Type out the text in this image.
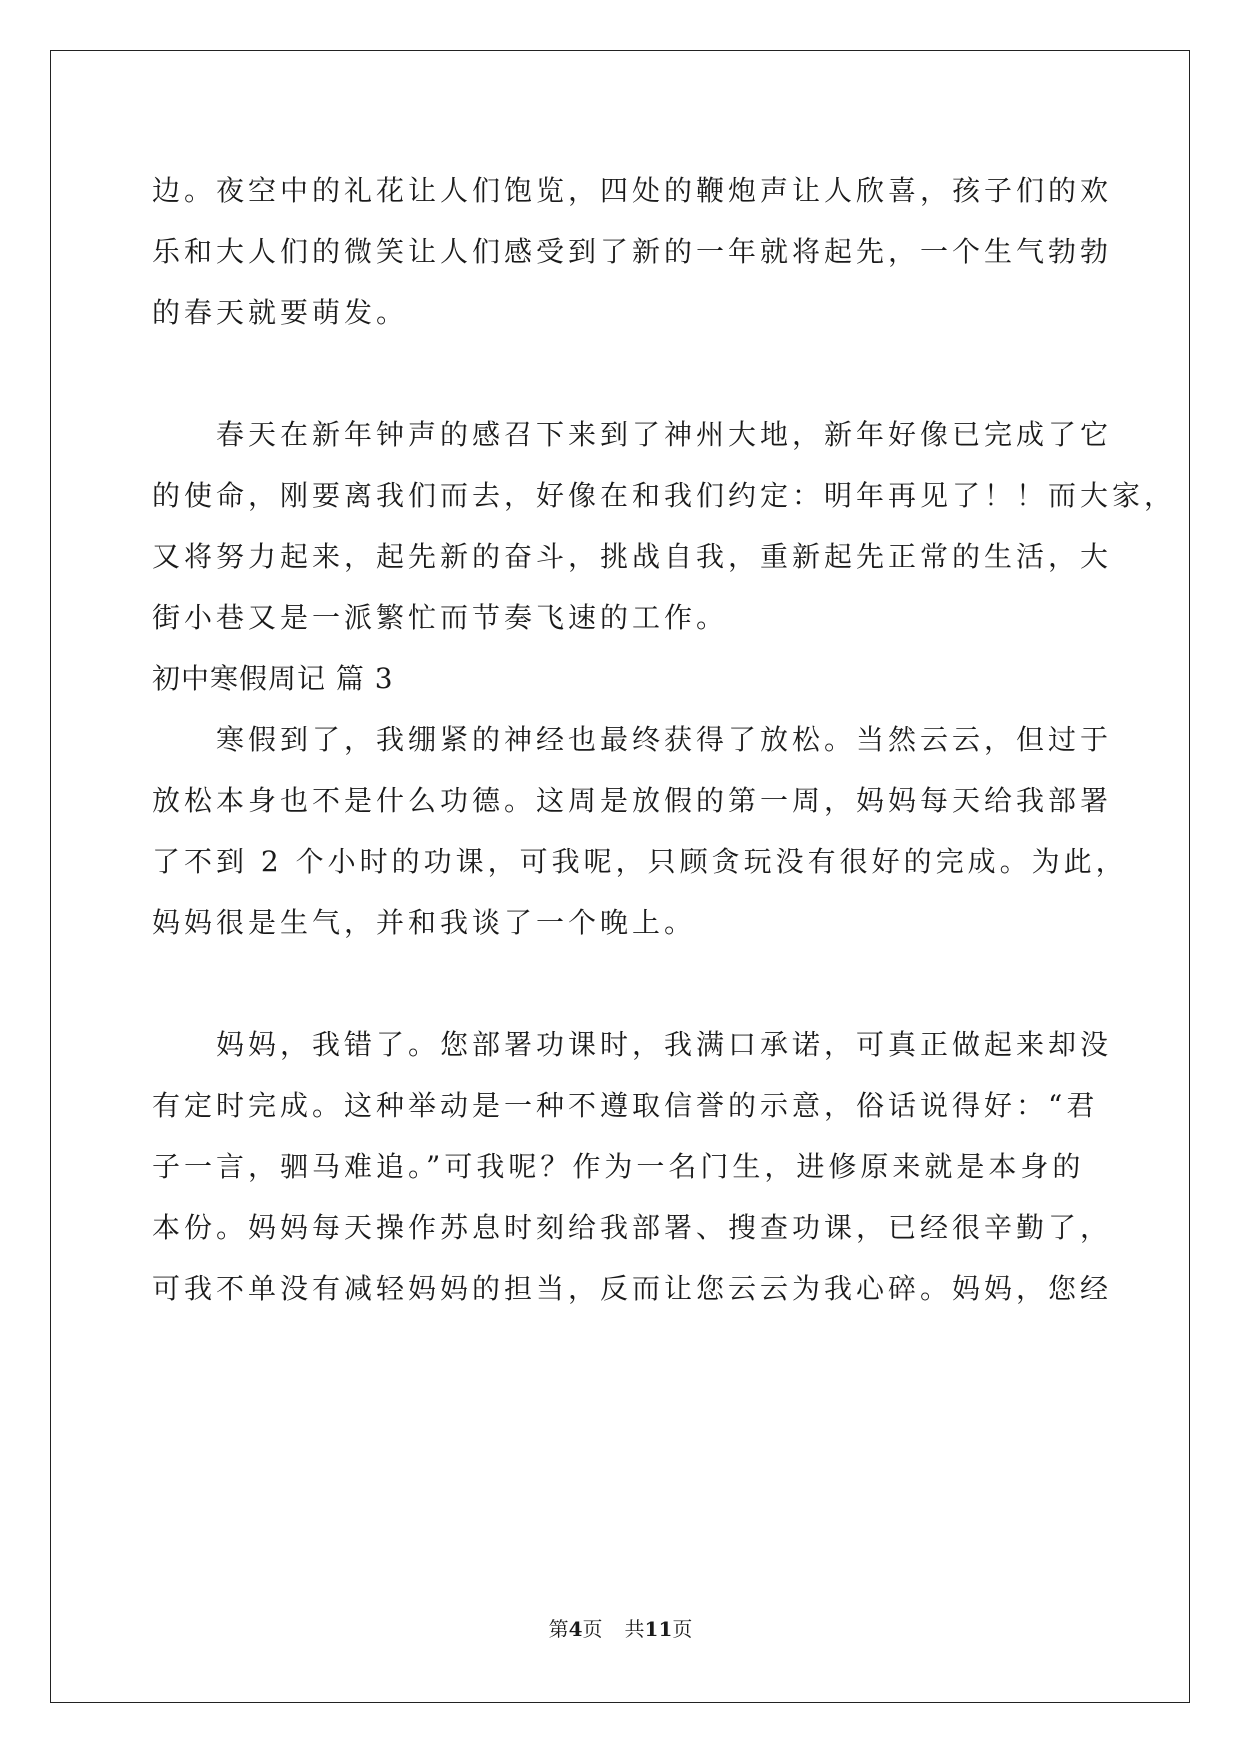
边。夜空中的礼花让人们饱览，四处的鞭炮声让人欣喜，孩子们的欢
乐和大人们的微笑让人们感受到了新的一年就将起先，一个生气勃勃
的春天就要萌发。
春天在新年钟声的感召下来到了神州大地，新年好像已完成了它
的使命，刚要离我们而去，好像在和我们约定：明年再见了！！而大家，
又将努力起来，起先新的奋斗，挑战自我，重新起先正常的生活，大
街小巷又是一派繁忙而节奏飞速的工作。
初中寒假周记 篇 3
寒假到了，我绷紧的神经也最终获得了放松。当然云云，但过于
放松本身也不是什么功德。这周是放假的第一周，妈妈每天给我部署
了不到 2 个小时的功课，可我呢，只顾贪玩没有很好的完成。为此，
妈妈很是生气，并和我谈了一个晚上。
妈妈，我错了。您部署功课时，我满口承诺，可真正做起来却没
有定时完成。这种举动是一种不遵取信誉的示意，俗话说得好：“君
子一言，驷马难追。”可我呢？作为一名门生，进修原来就是本身的
本份。妈妈每天操作苏息时刻给我部署、搜查功课，已经很辛勤了，
可我不单没有减轻妈妈的担当，反而让您云云为我心碎。妈妈，您经
第4页 共11页
